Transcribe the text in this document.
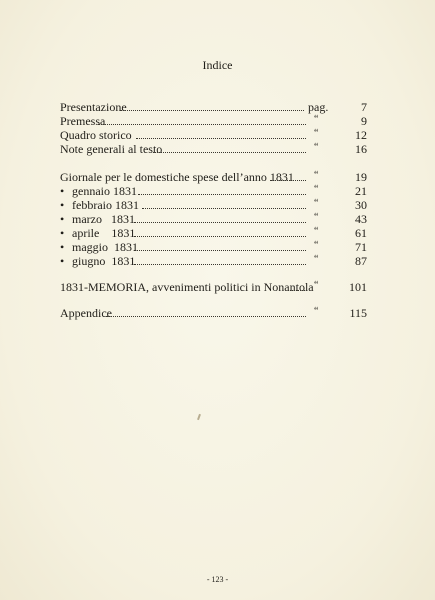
Indice
Presentazione	pag.	7
Premessa	“	9
Quadro storico	“	12
Note generali al testo	“	16
Giornale per le domestiche spese dell’anno 1831 “	19
• gennaio 1831	“	21
• febbraio 1831	“	30
• marzo   1831	“	43
• aprile    1831	“	61
• maggio  1831	“	71
• giugno  1831	“	87
1831-MEMORIA, avvenimenti politici in Nonantola “	101
Appendice	“	115
- 123 -
